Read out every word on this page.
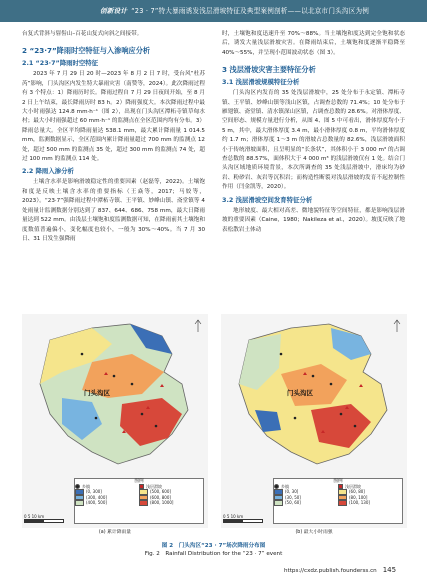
创新设计 “23 · 7”特大暴雨诱发浅层滑坡特征及典型案例剖析——以北京市门头沟区为例

台复式背斜与髫髻山–百花山复式向斜之间接带。

2 “23·7”降雨时空特征与入渗响应分析
2.1 “23·7”降雨时空特征

2023 年 7 月 29 日 20 时—2023 年 8 月 2 日 7 时，受台风“杜苏芮”影响，门头沟区内发生特大暴雨灾害（南赞等，2024）。此次降雨过程有 3 个特点：1）降雨历时长。降雨过程自 7 月 29 日夜间开始，至 8 月 2 日上午结束，最长降雨历时 83 h。2）降雨强度大。本次降雨过程中最大小时雨强达 124.8 mm·h⁻¹（图 2），出现在门头沟区潭柘寺镇草甸水村；最大小时雨强超过 60 mm·h⁻¹ 的监测点在全区范围内均有分布。3）降雨总量大。全区平均降雨量达 538.1 mm，最大累计降雨量 1 014.5 mm，监测数据显示，全区范围内累计降雨量超过 700 mm 的监测点 12 处，超过 500 mm 的监测点 35 处，超过 300 mm 的监测点 74 处，超过 100 mm 的监测点 114 处。

2.2 降雨入渗分析

土壤含水率是影响滑坡稳定性的重要因素（赵磊等，2022)。土壤饱和度是反映土壤含水率的重要指标（王焱等，2017；马姣等，2023）。“23·7”强降雨过程中潭柘寺镇、王平镇、妙峰山镇、斋堂镇等 4 处雨量计监测数据分别达到了 837、644、686、758 mm，最大日降雨量达到 522 mm。由浅层土壤饱和度监测数据可知，在降雨前其土壤饱和度数值普遍偏小，变化幅度也较小，一般为 30%～40%。当 7 月 30 日、31 日发生强降雨

时，土壤饱和度迅速升至 70%～88%。当土壤饱和度达到完全饱和状态后，诱发大量浅层滑坡灾害。在降雨结束后，土壤饱和度逐渐平稳降至 40%～55%，并呈现小范围波动状态（图 3）。

3 浅层滑坡灾害主要特征分析
3.1 浅层滑坡规模特征分析

门头沟区内发育的 35 处浅层滑坡中，25 处分布于永定镇、潭柘寺镇、王平镇、妙峰山镇等浅山区镇，占调查总数的 71.4%；10 处分布于雁翅镇、斋堂镇、清水镇深山区镇，占调查总数的 28.6%。对滑体厚度、空间形态、规模方量进行分析，从图 4、图 5 中可看出，滑体厚度均小于 5 m，其中，最大滑体厚度 3.4 m，最小滑体厚度 0.8 m，平均滑体厚度约 1.7 m；滑体厚度 1～3 m 的滑坡占总数量的 82.6%，浅层滑坡面积小于传统滑坡面积，且呈明显的“长条状”，其体积小于 3 000 m³ 的占调查总数的 88.57%，面体积大于 4 000 m³ 的浅层滑坡仅有 1 处。结合门头沟区域地质环境背景，本次所调查的 35 处浅层滑坡中，滑床均为砂岩、粉砂岩、灰岩等沉积岩；而构造性断裂对浅层滑坡的发育不起控制性作用（闫金凯等，2020）。

3.2 浅层滑坡空间发育特征分析

地形坡度、最大相对高差、微地貌特征等空间特征，都是影响浅层滑坡的重要因素（Caine，1980；Nakileza et al.，2020）。坡度反映了地表松散岩土体动

门头沟区
图例
乡镇	浅层滑坡
(0, 300]	(500, 600]
(300, 400]	(600, 800]
(400, 500]	(800, 1000]
0 5 10 km
(a) 累计降雨量
门头沟区
图例
乡镇	浅层滑坡
(0, 30]	(60, 80]
(30, 50]	(80, 100]
(50, 60]	(100, 130]
0 5 10 km
(b) 最大小时雨强
图 2　门头沟区“23 · 7”场次降雨分布图
Fig. 2　Rainfall Distribution for the “23 · 7” event
https://cxdz.publish.founderss.cn 145
